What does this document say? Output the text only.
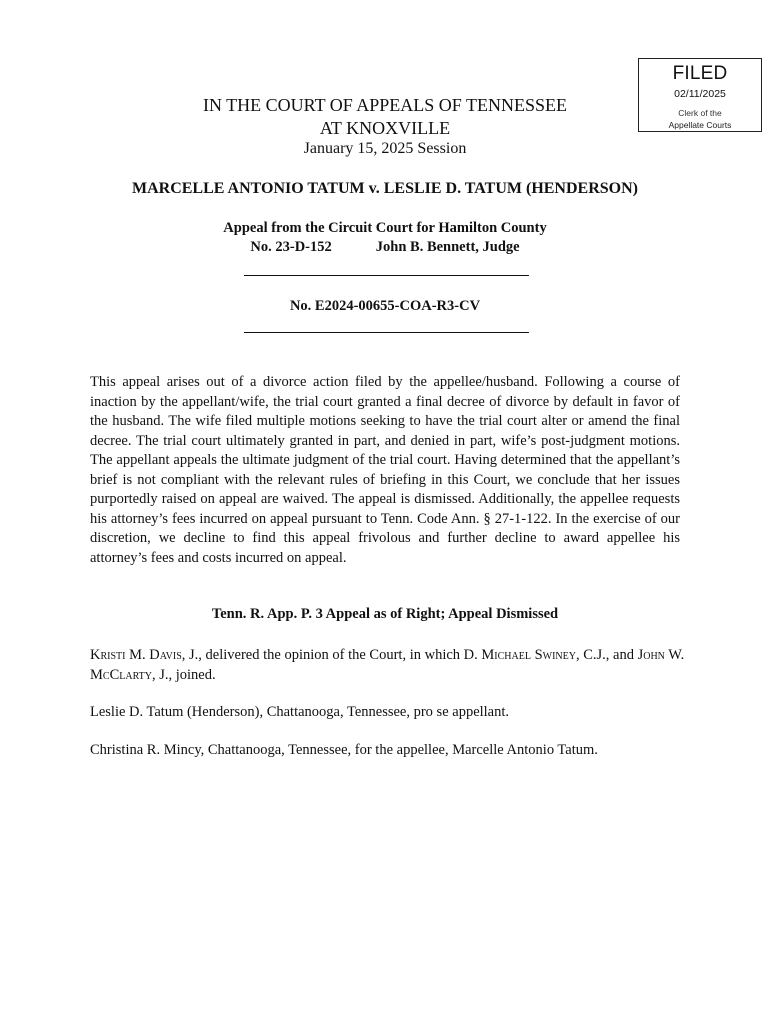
FILED
02/11/2025
Clerk of the
Appellate Courts
IN THE COURT OF APPEALS OF TENNESSEE
AT KNOXVILLE
January 15, 2025 Session
MARCELLE ANTONIO TATUM v. LESLIE D. TATUM (HENDERSON)
Appeal from the Circuit Court for Hamilton County
No. 23-D-152	John B. Bennett, Judge
No. E2024-00655-COA-R3-CV

This appeal arises out of a divorce action filed by the appellee/husband. Following a course of inaction by the appellant/wife, the trial court granted a final decree of divorce by default in favor of the husband. The wife filed multiple motions seeking to have the trial court alter or amend the final decree. The trial court ultimately granted in part, and denied in part, wife’s post-judgment motions. The appellant appeals the ultimate judgment of the trial court. Having determined that the appellant’s brief is not compliant with the relevant rules of briefing in this Court, we conclude that her issues purportedly raised on appeal are waived. The appeal is dismissed. Additionally, the appellee requests his attorney’s fees incurred on appeal pursuant to Tenn. Code Ann. § 27-1-122. In the exercise of our discretion, we decline to find this appeal frivolous and further decline to award appellee his attorney’s fees and costs incurred on appeal.

Tenn. R. App. P. 3 Appeal as of Right; Appeal Dismissed

Kristi M. Davis, J., delivered the opinion of the Court, in which D. Michael Swiney, C.J., and John W. McClarty, J., joined.

Leslie D. Tatum (Henderson), Chattanooga, Tennessee, pro se appellant.

Christina R. Mincy, Chattanooga, Tennessee, for the appellee, Marcelle Antonio Tatum.
